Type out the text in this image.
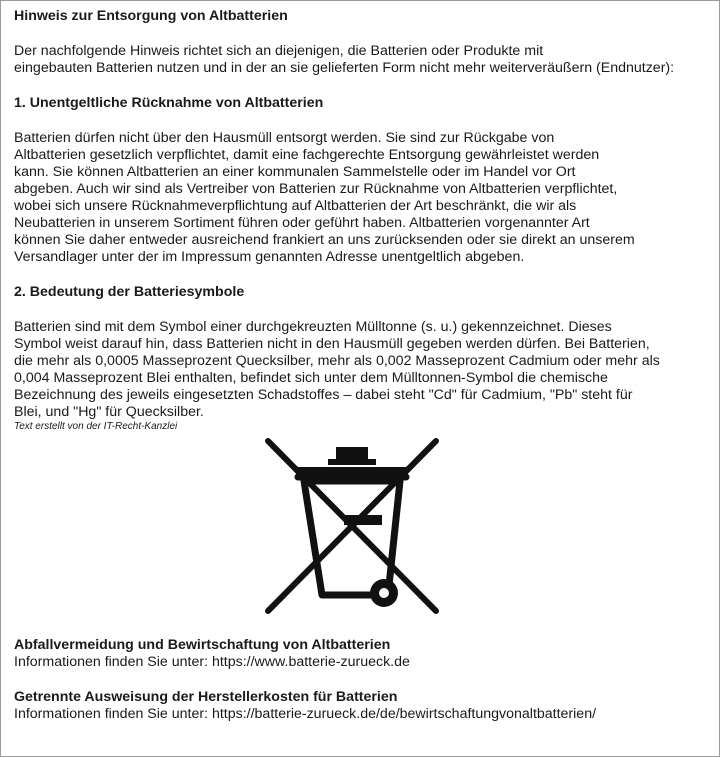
Hinweis zur Entsorgung von Altbatterien

Der nachfolgende Hinweis richtet sich an diejenigen, die Batterien oder Produkte mit
eingebauten Batterien nutzen und in der an sie gelieferten Form nicht mehr weiterveräußern (Endnutzer):

1. Unentgeltliche Rücknahme von Altbatterien

Batterien dürfen nicht über den Hausmüll entsorgt werden. Sie sind zur Rückgabe von
Altbatterien gesetzlich verpflichtet, damit eine fachgerechte Entsorgung gewährleistet werden
kann. Sie können Altbatterien an einer kommunalen Sammelstelle oder im Handel vor Ort
abgeben. Auch wir sind als Vertreiber von Batterien zur Rücknahme von Altbatterien verpflichtet,
wobei sich unsere Rücknahmeverpflichtung auf Altbatterien der Art beschränkt, die wir als
Neubatterien in unserem Sortiment führen oder geführt haben. Altbatterien vorgenannter Art
können Sie daher entweder ausreichend frankiert an uns zurücksenden oder sie direkt an unserem
Versandlager unter der im Impressum genannten Adresse unentgeltlich abgeben.

2. Bedeutung der Batteriesymbole

Batterien sind mit dem Symbol einer durchgekreuzten Mülltonne (s. u.) gekennzeichnet. Dieses
Symbol weist darauf hin, dass Batterien nicht in den Hausmüll gegeben werden dürfen. Bei Batterien,
die mehr als 0,0005 Masseprozent Quecksilber, mehr als 0,002 Masseprozent Cadmium oder mehr als
0,004 Masseprozent Blei enthalten, befindet sich unter dem Mülltonnen-Symbol die chemische
Bezeichnung des jeweils eingesetzten Schadstoffes – dabei steht "Cd" für Cadmium, "Pb" steht für
Blei, und "Hg" für Quecksilber.

Text erstellt von der IT-Recht-Kanzlei

Abfallvermeidung und Bewirtschaftung von Altbatterien

Informationen finden Sie unter: https://www.batterie-zurueck.de

Getrennte Ausweisung der Herstellerkosten für Batterien

Informationen finden Sie unter: https://batterie-zurueck.de/de/bewirtschaftungvonaltbatterien/
